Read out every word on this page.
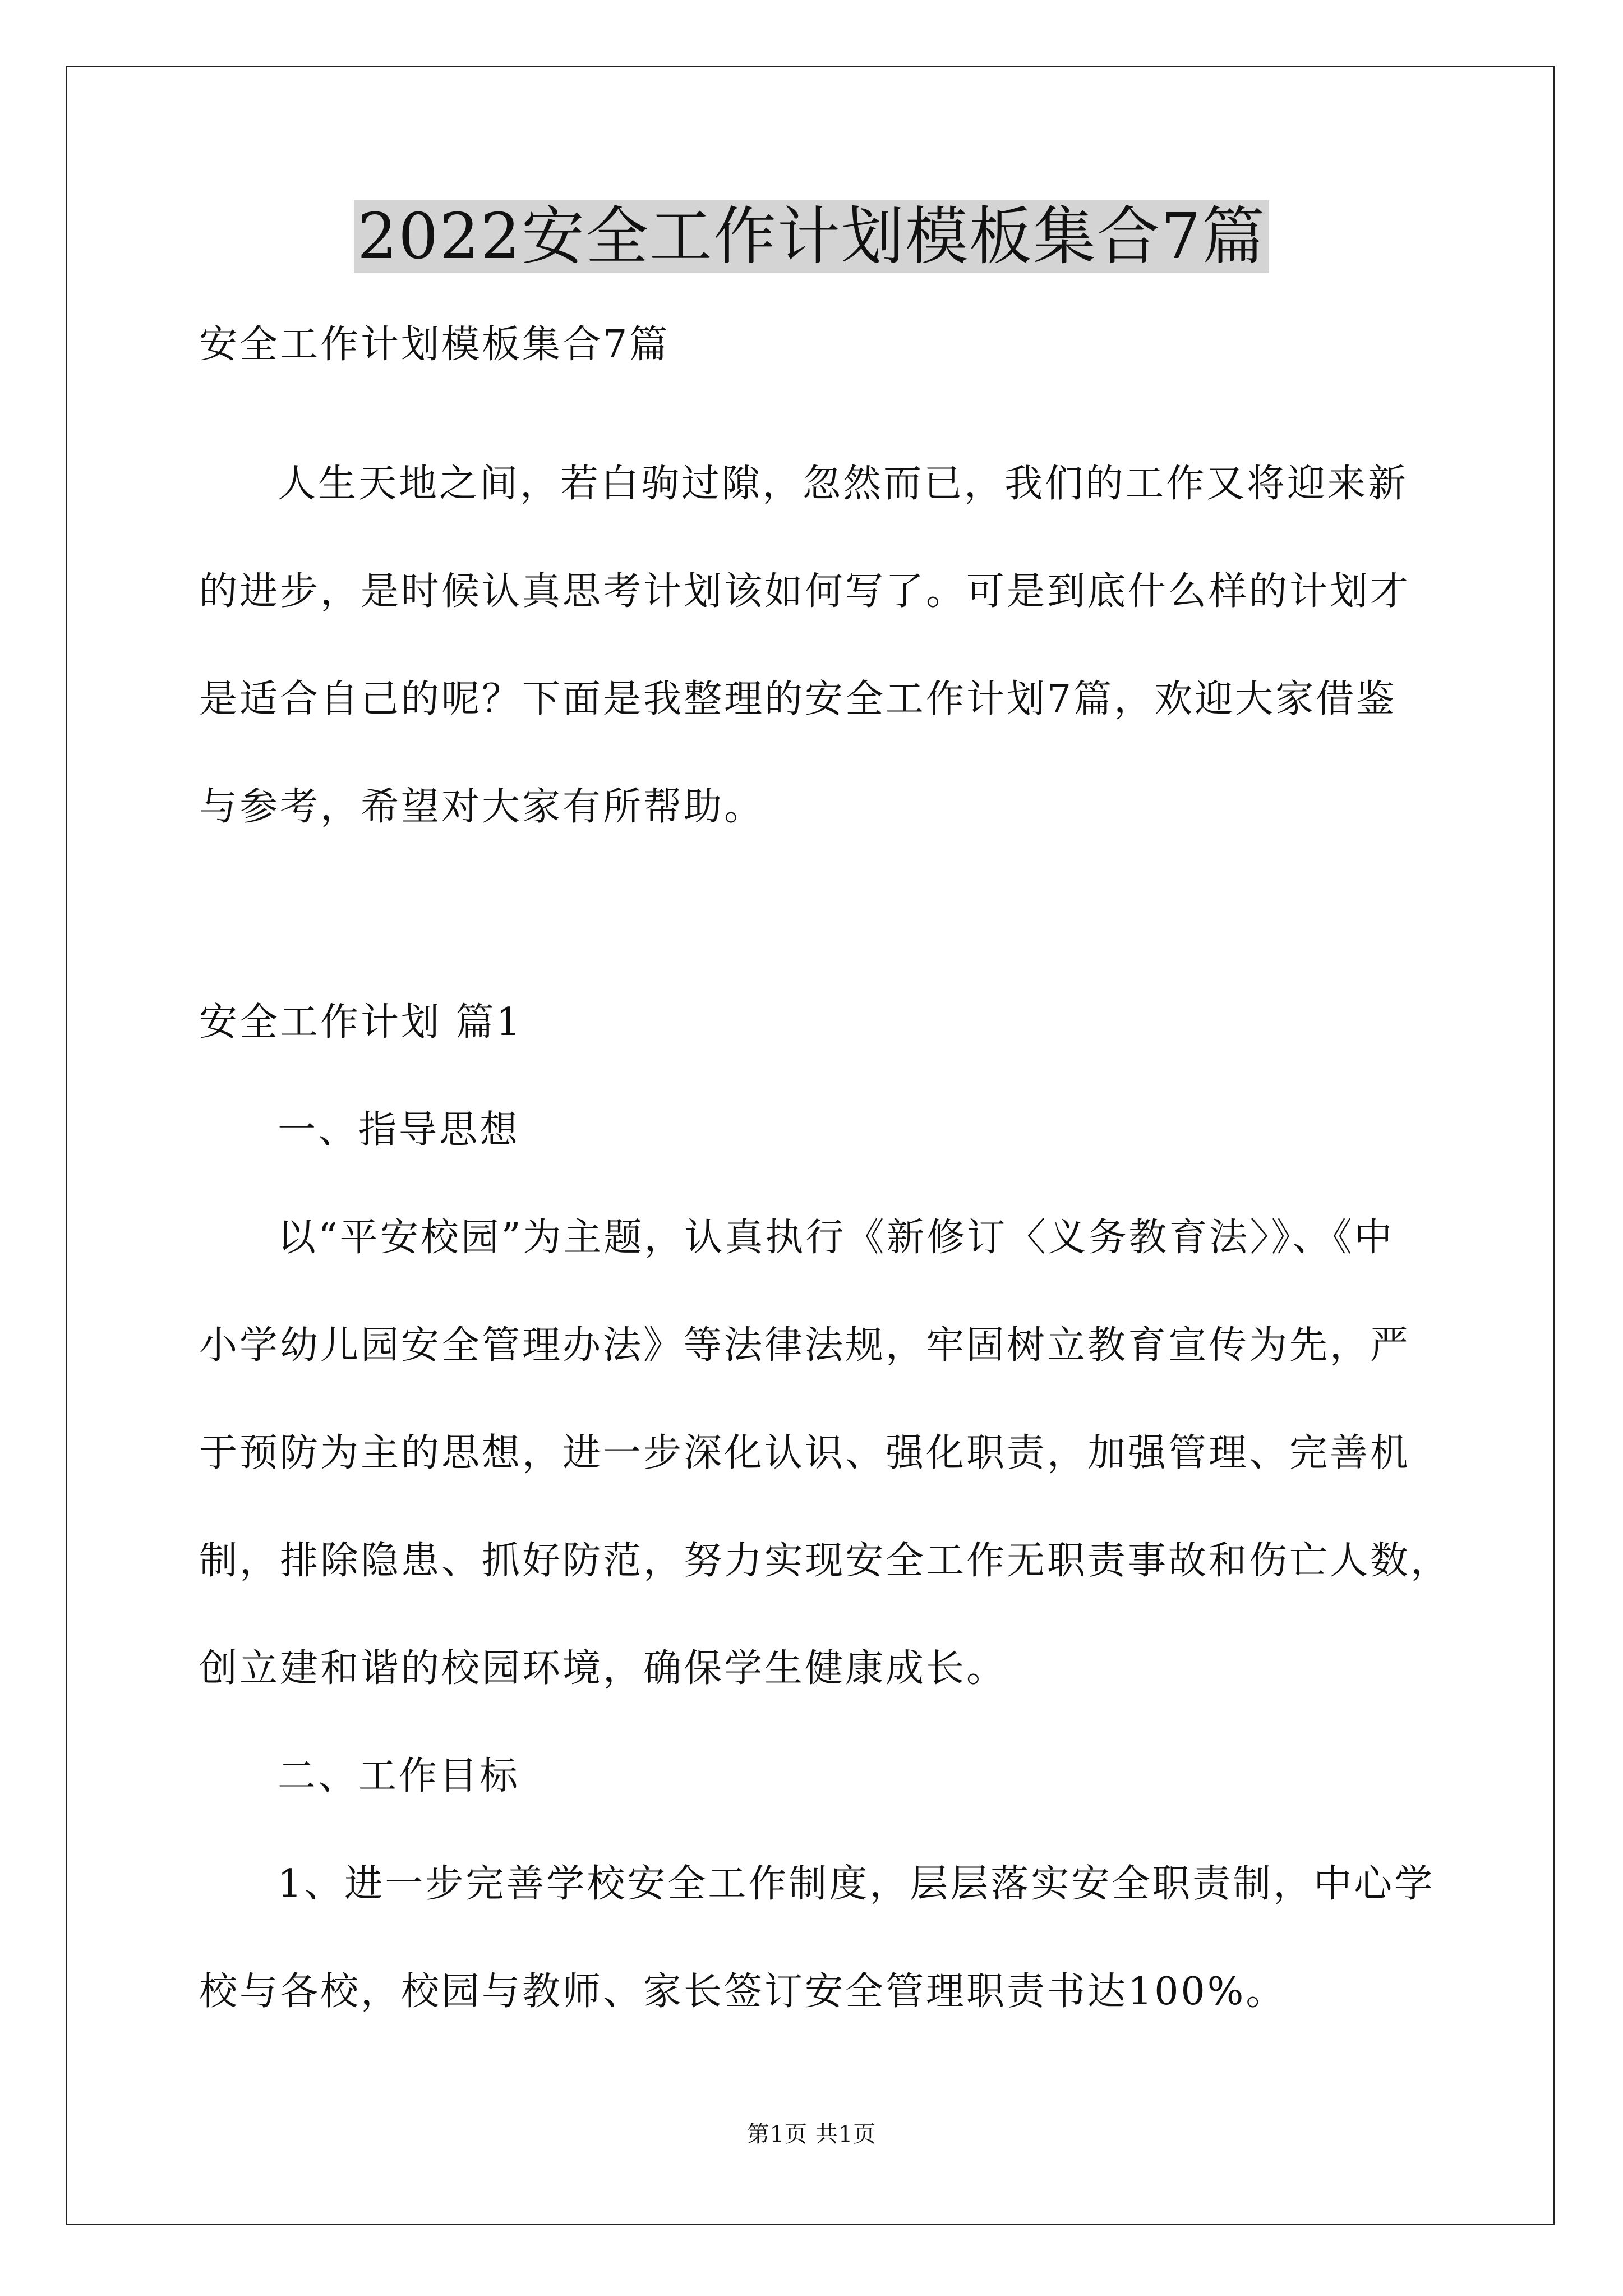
2022安全工作计划模板集合7篇
安全工作计划模板集合7篇
人生天地之间，若白驹过隙，忽然而已，我们的工作又将迎来新
的进步，是时候认真思考计划该如何写了。可是到底什么样的计划才
是适合自己的呢？下面是我整理的安全工作计划7篇，欢迎大家借鉴
与参考，希望对大家有所帮助。
安全工作计划 篇1
一、指导思想
以“平安校园”为主题，认真执行《新修订〈义务教育法〉》、《中
小学幼儿园安全管理办法》等法律法规，牢固树立教育宣传为先，严
于预防为主的思想，进一步深化认识、强化职责，加强管理、完善机
制，排除隐患、抓好防范，努力实现安全工作无职责事故和伤亡人数，
创立建和谐的校园环境，确保学生健康成长。
二、工作目标
1、进一步完善学校安全工作制度，层层落实安全职责制，中心学
校与各校，校园与教师、家长签订安全管理职责书达100%。
第1页 共1页
